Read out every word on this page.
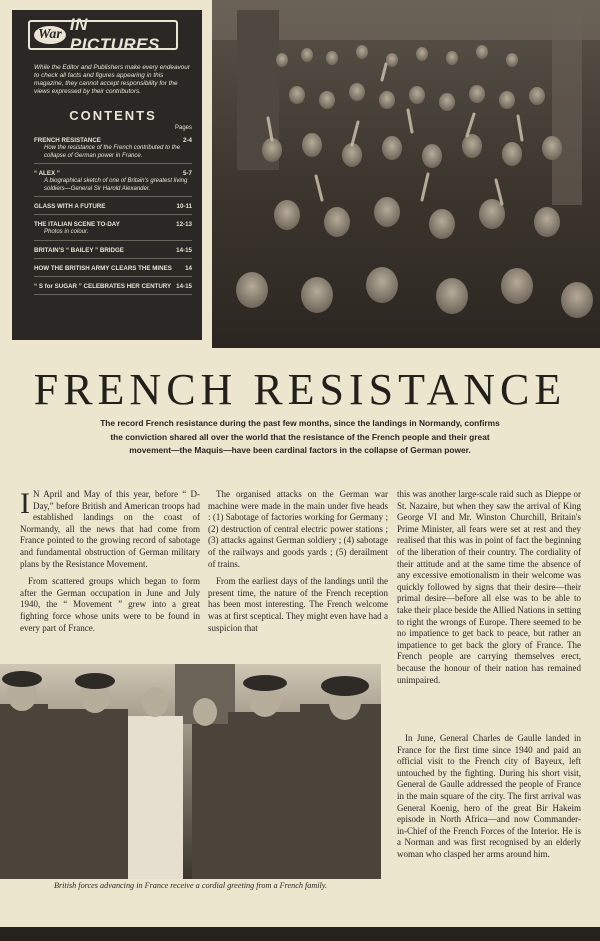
War
IN PICTURES

While the Editor and Publishers make every endeavour to check all facts and figures appearing in this magazine, they cannot accept responsibility for the views expressed by their contributors.

CONTENTS
Pages
FRENCH RESISTANCE	2-4
How the resistance of the French contributed to the collapse of German power in France.
“ ALEX ”	5-7
A biographical sketch of one of Britain's greatest living soldiers—General Sir Harold Alexander.
GLASS WITH A FUTURE	10-11
THE ITALIAN SCENE TO-DAY	12-13
Photos in colour.
BRITAIN'S “ BAILEY ” BRIDGE	14-15
HOW THE BRITISH ARMY CLEARS THE MINES 14
“ S for SUGAR ” CELEBRATES HER CENTURY 14-15
FRENCH RESISTANCE

The record French resistance during the past few months, since the landings in Normandy, confirms the conviction shared all over the world that the resistance of the French people and their great movement—the Maquis—have been cardinal factors in the collapse of German power.

I N April and May of this year, before “ D-Day,” before British and American troops had established landings on the coast of Normandy, all the news that had come from France pointed to the growing record of sabotage and fundamental obstruction of German military plans by the Resistance Movement.

From scattered groups which began to form after the German occupation in June and July 1940, the “ Movement ” grew into a great fighting force whose units were to be found in every part of France.

The organised attacks on the German war machine were made in the main under five heads : (1) Sabotage of factories working for Germany ; (2) destruction of central electric power stations ; (3) attacks against German soldiery ; (4) sabotage of the railways and goods yards ; (5) derailment of trains.

From the earliest days of the landings until the present time, the nature of the French reception has been most interesting. The French welcome was at first sceptical. They might even have had a suspicion that

this was another large-scale raid such as Dieppe or St. Nazaire, but when they saw the arrival of King George VI and Mr. Winston Churchill, Britain's Prime Minister, all fears were set at rest and they realised that this was in point of fact the beginning of the liberation of their country. The cordiality of their attitude and at the same time the absence of any excessive emotionalism in their welcome was quickly followed by signs that their desire—their primal desire—before all else was to be able to take their place beside the Allied Nations in setting to right the wrongs of Europe. There seemed to be no impatience to get back to peace, but rather an impatience to get back the glory of France. The French people are carrying themselves erect, because the honour of their nation has remained unimpaired.

British forces advancing in France receive a cordial greeting from a French family.

In June, General Charles de Gaulle landed in France for the first time since 1940 and paid an official visit to the French city of Bayeux, left untouched by the fighting. During his short visit, General de Gaulle addressed the people of France in the main square of the city. The first arrival was General Koenig, hero of the great Bir Hakeim episode in North Africa—and now Commander-in-Chief of the French Forces of the Interior. He is a Norman and was first recognised by an elderly woman who clasped her arms around him.
